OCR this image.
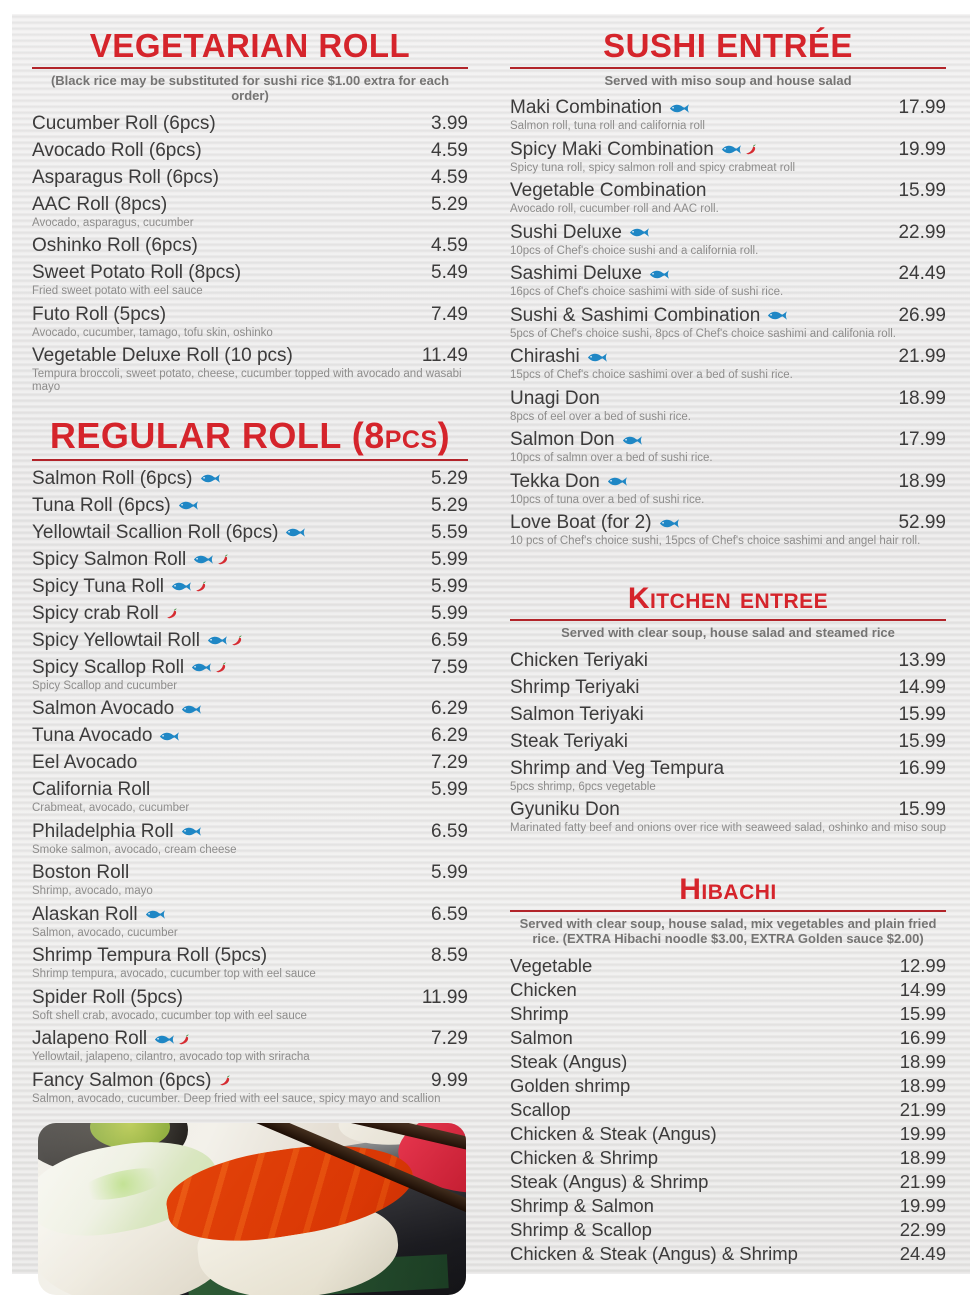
VEGETARIAN ROLL

(Black rice may be substituted for sushi rice $1.00 extra for each order)

Cucumber Roll (6pcs)	3.99
Avocado Roll (6pcs)	4.59
Asparagus Roll (6pcs)	4.59
AAC Roll (8pcs)	5.29
Avocado, asparagus, cucumber
Oshinko Roll (6pcs)	4.59
Sweet Potato Roll (8pcs)	5.49
Fried sweet potato with eel sauce
Futo Roll (5pcs)	7.49
Avocado, cucumber, tamago, tofu skin, oshinko
Vegetable Deluxe Roll (10 pcs)	11.49
Tempura broccoli, sweet potato, cheese, cucumber topped with avocado and wasabi mayo
REGULAR ROLL (8pcs)
Salmon Roll (6pcs)	5.29
Tuna Roll (6pcs)	5.29
Yellowtail Scallion Roll (6pcs)	5.59
Spicy Salmon Roll	5.99
Spicy Tuna Roll	5.99
Spicy crab Roll	5.99
Spicy Yellowtail Roll	6.59
Spicy Scallop Roll	7.59
Spicy Scallop and cucumber
Salmon Avocado	6.29
Tuna Avocado	6.29
Eel Avocado	7.29
California Roll	5.99
Crabmeat, avocado, cucumber
Philadelphia Roll	6.59
Smoke salmon, avocado, cream cheese
Boston Roll	5.99
Shrimp, avocado, mayo
Alaskan Roll	6.59
Salmon, avocado, cucumber
Shrimp Tempura Roll (5pcs)	8.59
Shrimp tempura, avocado, cucumber top with eel sauce
Spider Roll (5pcs)	11.99
Soft shell crab, avocado, cucumber top with eel sauce
Jalapeno Roll	7.29
Yellowtail, jalapeno, cilantro, avocado top with sriracha
Fancy Salmon (6pcs)	9.99
Salmon, avocado, cucumber. Deep fried with eel sauce, spicy mayo and scallion
SUSHI ENTRÉE

Served with miso soup and house salad

Maki Combination	17.99
Salmon roll, tuna roll and california roll
Spicy Maki Combination	19.99
Spicy tuna roll, spicy salmon roll and spicy crabmeat roll
Vegetable Combination	15.99
Avocado roll, cucumber roll and AAC roll.
Sushi Deluxe	22.99
10pcs of Chef's choice sushi and a california roll.
Sashimi Deluxe	24.49
16pcs of Chef's choice sashimi with side of sushi rice.
Sushi & Sashimi Combination	26.99
5pcs of Chef's choice sushi, 8pcs of Chef's choice sashimi and califonia roll.
Chirashi	21.99
15pcs of Chef's choice sashimi over a bed of sushi rice.
Unagi Don	18.99
8pcs of eel over a bed of sushi rice.
Salmon Don	17.99
10pcs of salmn over a bed of sushi rice.
Tekka Don	18.99
10pcs of tuna over a bed of sushi rice.
Love Boat (for 2)	52.99
10 pcs of Chef's choice sushi, 15pcs of Chef's choice sashimi and angel hair roll.
Kitchen entree

Served with clear soup, house salad and steamed rice

Chicken Teriyaki	13.99
Shrimp Teriyaki	14.99
Salmon Teriyaki	15.99
Steak Teriyaki	15.99
Shrimp and Veg Tempura	16.99
5pcs shrimp, 6pcs vegetable
Gyuniku Don	15.99
Marinated fatty beef and onions over rice with seaweed salad, oshinko and miso soup
Hibachi

Served with clear soup, house salad, mix vegetables and plain fried rice. (EXTRA Hibachi noodle $3.00, EXTRA Golden sauce $2.00)

Vegetable	12.99
Chicken	14.99
Shrimp	15.99
Salmon	16.99
Steak (Angus)	18.99
Golden shrimp	18.99
Scallop	21.99
Chicken & Steak (Angus)	19.99
Chicken & Shrimp	18.99
Steak (Angus) & Shrimp	21.99
Shrimp & Salmon	19.99
Shrimp & Scallop	22.99
Chicken & Steak (Angus) & Shrimp	24.49
